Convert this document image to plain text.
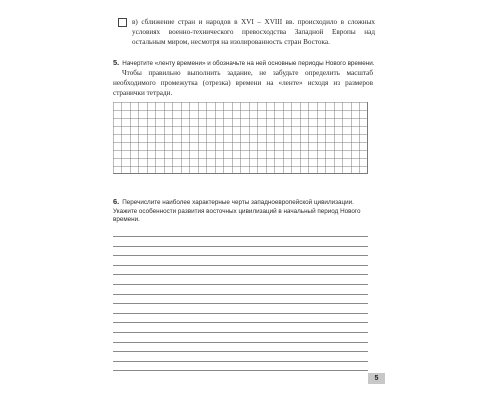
в) сближение стран и народов в XVI – XVIII вв. происходило в сложных условиях военно-технического превосходства Западной Европы над остальным миром, несмотря на изолированность стран Востока.

5. Начертите «ленту времени» и обозначьте на ней основные периоды Нового времени.

Чтобы правильно выполнить задание, не забудьте определить масштаб необходимого промежутка (отрезка) времени на «ленте» исходя из размеров странички тетради.

6. Перечислите наиболее характерные черты западноевропейской цивилизации. Укажите особенности развития восточных цивилизаций в начальный период Нового времени.

5
